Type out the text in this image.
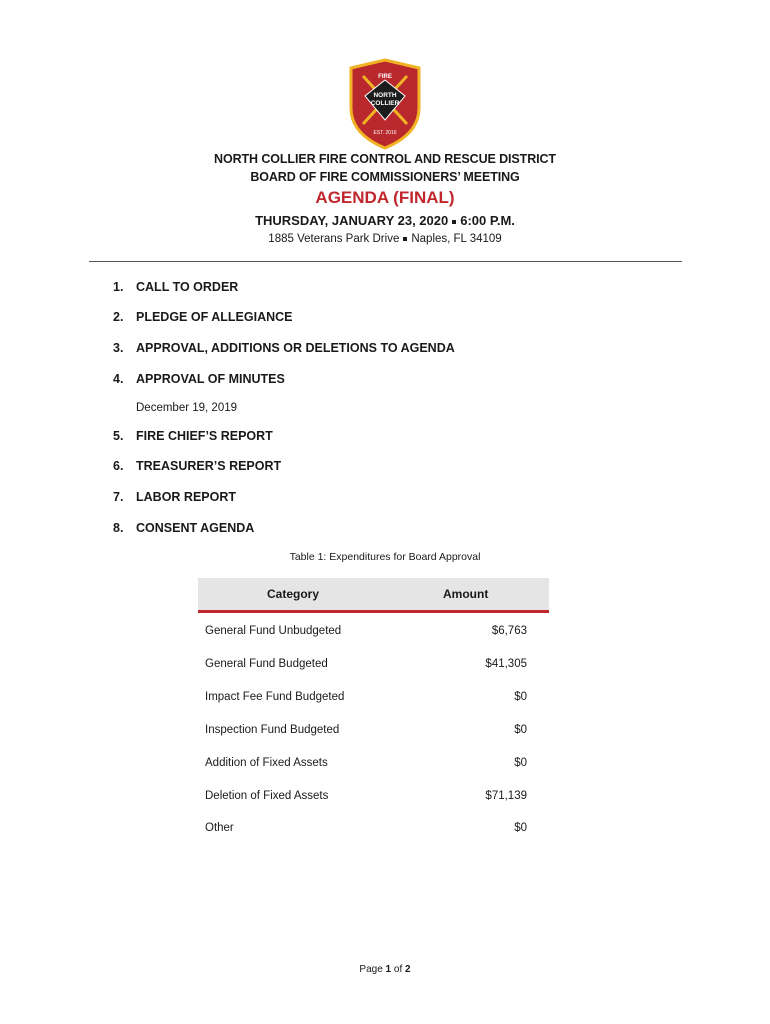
FIRE
NORTH
COLLIER
EST. 2016
NORTH COLLIER FIRE CONTROL AND RESCUE DISTRICT
BOARD OF FIRE COMMISSIONERS’ MEETING
AGENDA (FINAL)
THURSDAY, JANUARY 23, 2020 6:00 P.M.
1885 Veterans Park Drive Naples, FL 34109
1. CALL TO ORDER
2. PLEDGE OF ALLEGIANCE
3. APPROVAL, ADDITIONS OR DELETIONS TO AGENDA
4. APPROVAL OF MINUTES
December 19, 2019
5. FIRE CHIEF’S REPORT
6. TREASURER’S REPORT
7. LABOR REPORT
8. CONSENT AGENDA
Table 1: Expenditures for Board Approval
Category	Amount
General Fund Unbudgeted	$6,763
General Fund Budgeted	$41,305
Impact Fee Fund Budgeted	$0
Inspection Fund Budgeted	$0
Addition of Fixed Assets	$0
Deletion of Fixed Assets	$71,139
Other	$0
Page 1 of 2
